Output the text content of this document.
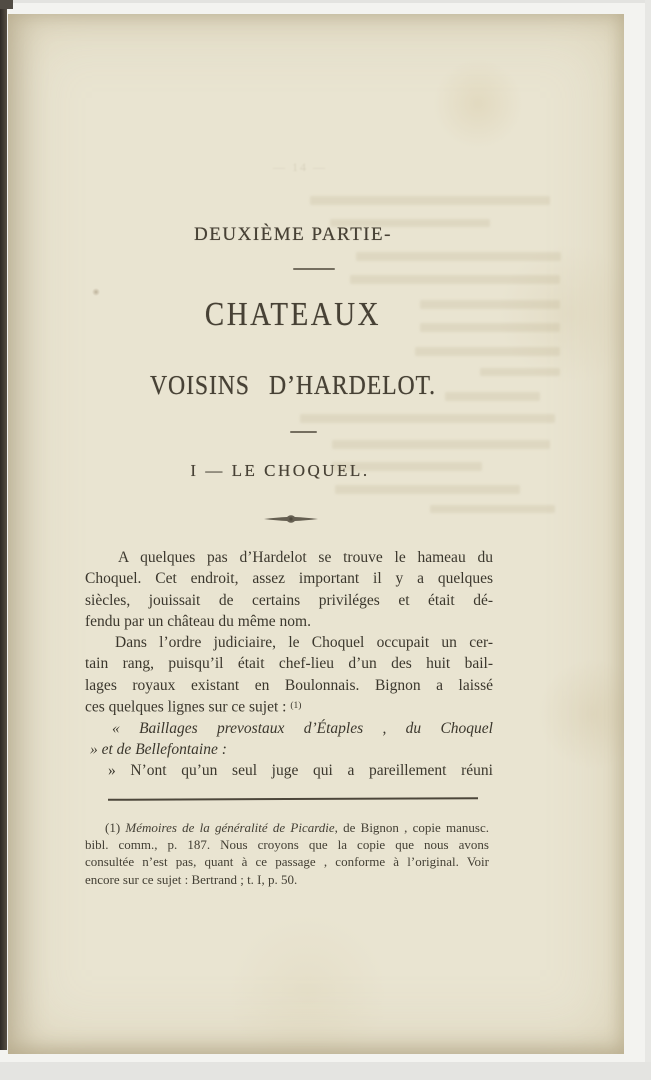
— 14 —
DEUXIÈME PARTIE-
CHATEAUX
VOISINS D’HARDELOT.
I — LE CHOQUEL.
A quelques pas d’Hardelot se trouve le hameau du
Choquel. Cet endroit, assez important il y a quelques
siècles, jouissait de certains priviléges et était dé-
fendu par un château du même nom.
Dans l’ordre judiciaire, le Choquel occupait un cer-
tain rang, puisqu’il était chef-lieu d’un des huit bail-
lages royaux existant en Boulonnais. Bignon a laissé
ces quelques lignes sur ce sujet : $^{(1)}$
« Baillages prevostaux d’Étaples , du Choquel
» et de Bellefontaine :
» N’ont qu’un seul juge qui a pareillement réuni
(1) Mémoires de la généralité de Picardie, de Bignon , copie manusc.
bibl. comm., p. 187. Nous croyons que la copie que nous avons
consultée n’est pas, quant à ce passage , conforme à l’original. Voir
encore sur ce sujet : Bertrand ; t. I, p. 50.
